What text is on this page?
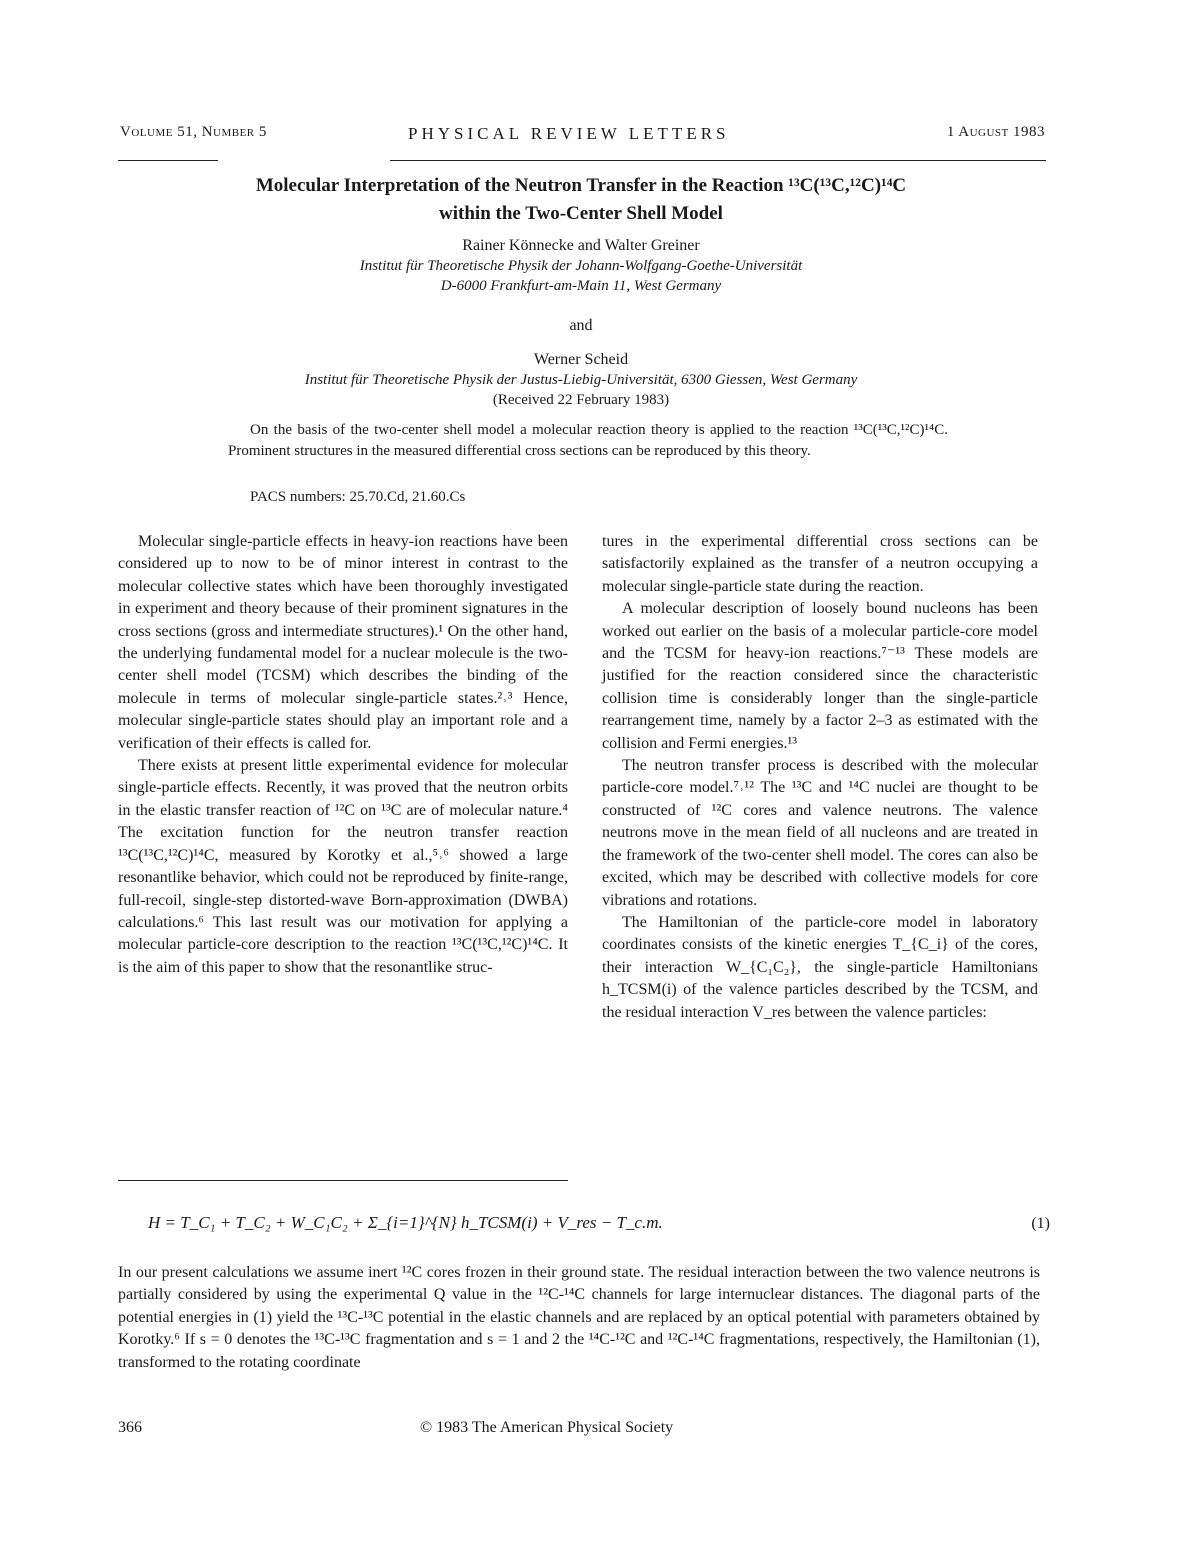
Volume 51, Number 5	PHYSICAL REVIEW LETTERS	1 August 1983
Molecular Interpretation of the Neutron Transfer in the Reaction ¹³C(¹³C,¹²C)¹⁴C
within the Two-Center Shell Model
Rainer Könnecke and Walter Greiner
Institut für Theoretische Physik der Johann-Wolfgang-Goethe-Universität
D-6000 Frankfurt-am-Main 11, West Germany
and
Werner Scheid
Institut für Theoretische Physik der Justus-Liebig-Universität, 6300 Giessen, West Germany
(Received 22 February 1983)
On the basis of the two-center shell model a molecular reaction theory is applied to the reaction ¹³C(¹³C,¹²C)¹⁴C. Prominent structures in the measured differential cross sections can be reproduced by this theory.
PACS numbers: 25.70.Cd, 21.60.Cs

Molecular single-particle effects in heavy-ion reactions have been considered up to now to be of minor interest in contrast to the molecular collective states which have been thoroughly investigated in experiment and theory because of their prominent signatures in the cross sections (gross and intermediate structures).¹ On the other hand, the underlying fundamental model for a nuclear molecule is the two-center shell model (TCSM) which describes the binding of the molecule in terms of molecular single-particle states.²˒³ Hence, molecular single-particle states should play an important role and a verification of their effects is called for.

There exists at present little experimental evidence for molecular single-particle effects. Recently, it was proved that the neutron orbits in the elastic transfer reaction of ¹²C on ¹³C are of molecular nature.⁴ The excitation function for the neutron transfer reaction ¹³C(¹³C,¹²C)¹⁴C, measured by Korotky et al.,⁵˒⁶ showed a large resonantlike behavior, which could not be reproduced by finite-range, full-recoil, single-step distorted-wave Born-approximation (DWBA) calculations.⁶ This last result was our motivation for applying a molecular particle-core description to the reaction ¹³C(¹³C,¹²C)¹⁴C. It is the aim of this paper to show that the resonantlike struc-

tures in the experimental differential cross sections can be satisfactorily explained as the transfer of a neutron occupying a molecular single-particle state during the reaction.

A molecular description of loosely bound nucleons has been worked out earlier on the basis of a molecular particle-core model and the TCSM for heavy-ion reactions.⁷⁻¹³ These models are justified for the reaction considered since the characteristic collision time is considerably longer than the single-particle rearrangement time, namely by a factor 2–3 as estimated with the collision and Fermi energies.¹³

The neutron transfer process is described with the molecular particle-core model.⁷˒¹² The ¹³C and ¹⁴C nuclei are thought to be constructed of ¹²C cores and valence neutrons. The valence neutrons move in the mean field of all nucleons and are treated in the framework of the two-center shell model. The cores can also be excited, which may be described with collective models for core vibrations and rotations.

The Hamiltonian of the particle-core model in laboratory coordinates consists of the kinetic energies T_{C_i} of the cores, their interaction W_{C₁C₂}, the single-particle Hamiltonians h_TCSM(i) of the valence particles described by the TCSM, and the residual interaction V_res between the valence particles:

H = T_C₁ + T_C₂ + W_C₁C₂ + Σ_{i=1}^{N} h_TCSM(i) + V_res − T_c.m.	(1)

In our present calculations we assume inert ¹²C cores frozen in their ground state. The residual interaction between the two valence neutrons is partially considered by using the experimental Q value in the ¹²C-¹⁴C channels for large internuclear distances. The diagonal parts of the potential energies in (1) yield the ¹³C-¹³C potential in the elastic channels and are replaced by an optical potential with parameters obtained by Korotky.⁶ If s = 0 denotes the ¹³C-¹³C fragmentation and s = 1 and 2 the ¹⁴C-¹²C and ¹²C-¹⁴C fragmentations, respectively, the Hamiltonian (1), transformed to the rotating coordinate

366	© 1983 The American Physical Society
